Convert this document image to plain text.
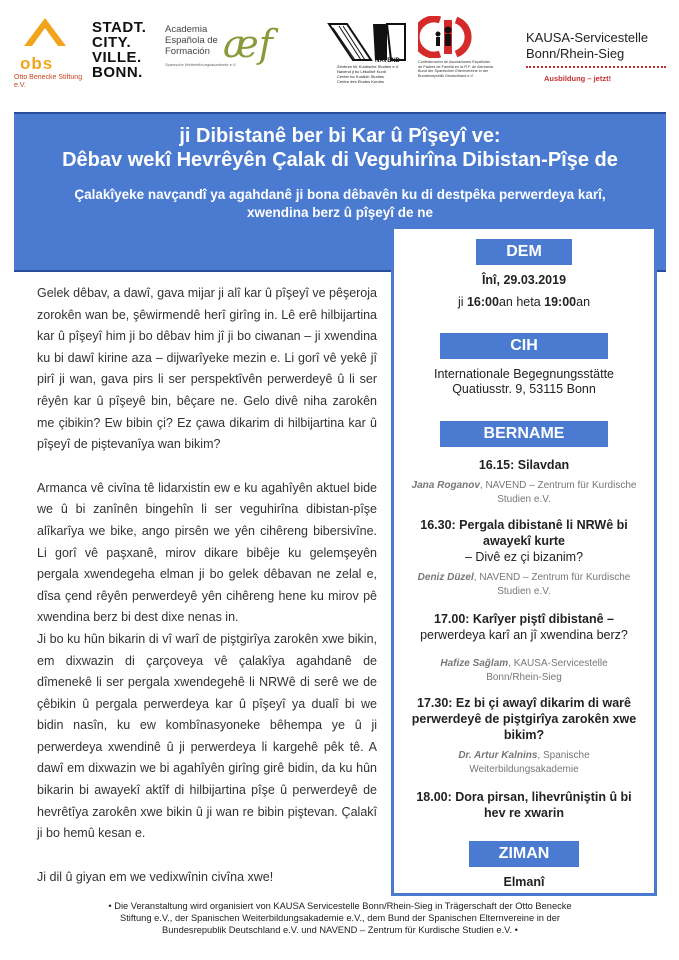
obs
Otto Benecke Stiftung e.V.
STADT.
CITY.
VILLE.
BONN.
Academia
Española de
Formación æf
Spanische Weiterbildungsakademie e.V.
NAVEND
Zentrum für Kurdische Studien e.V.
Navend ji bo Lêkolînê Kurdî
Center for Kurdish Studies
Centre des Etudes Kurdes
Confederación de Asociaciones Españolas
de Padres de Familia en la R.F. de Alemania
Bund der Spanischen Elternvereine in der
Bundesrepublik Deutschland e.V.
KAUSA-Servicestelle
Bonn/Rhein-Sieg
Ausbildung – jetzt!
ji Dibistanê ber bi Kar û Pîşeyî ve:
Dêbav wekî Hevrêyên Çalak di Veguhirîna Dibistan-Pîşe de
Çalakîyeke navçandî ya agahdanê ji bona dêbavên ku di destpêka perwerdeya karî,
xwendina berz û pîşeyî de ne

Gelek dêbav, a dawî, gava mijar ji alî kar û pîşeyî ve pêşeroja zorokên wan be, şêwirmendê herî girîng in. Lê erê hilbijartina kar û pîşeyî him ji bo dêbav him jî ji bo ciwanan – ji xwendina ku bi dawî kirine aza – dijwarîyeke mezin e. Li gorî vê yekê jî pirî ji wan, gava pirs li ser perspektîvên perwerdeyê û li ser rêyên kar û pîşeyê bin, bêçare ne. Gelo divê niha zarokên me çibikin? Ew bibin çi? Ez çawa dikarim di hilbijartina kar û pîşeyî de piştevanîya wan bikim?

Armanca vê civîna tê lidarxistin ew e ku agahîyên aktuel bide we û bi zanînên bingehîn li ser veguhirîna dibistan-pîşe alîkarîya we bike, ango pirsên we yên cihêreng bibersivîne. Li gorî vê paşxanê, mirov dikare bibêje ku gelemşeyên pergala xwendegeha elman ji bo gelek dêbavan ne zelal e, dîsa çend rêyên perwerdeyê yên cihêreng hene ku mirov pê xwendina berz bi dest dixe nenas in.

Ji bo ku hûn bikarin di vî warî de piştgirîya zarokên xwe bikin, em dixwazin di çarçoveya vê çalakîya agahdanê de dîmenekê li ser pergala xwendegehê li NRWê di serê we de çêbikin û pergala perwerdeya kar û pîşeyî ya dualî bi we bidin nasîn, ku ew kombînasyoneke bêhempa ye û ji perwerdeya xwendinê û ji perwerdeya li kargehê pêk tê. A dawî em dixwazin we bi agahîyên girîng girê bidin, da ku hûn bikarin bi awayekî aktîf di hilbijartina pîşe û perwerdeyê de hevrêtîya zarokên xwe bikin û ji wan re bibin piştevan. Çalakî ji bo hemû kesan e.

Ji dil û giyan em we vedixwînin civîna xwe!

DEM
Înî, 29.03.2019
ji 16:00an heta 19:00an
CIH
Internationale Begegnungsstätte
Quatiusstr. 9, 53115 Bonn
BERNAME
16.15: Silavdan
Jana Roganov, NAVEND – Zentrum für Kurdische
Studien e.V.
16.30: Pergala dibistanê li NRWê bi
awayekî kurte
– Divê ez çi bizanim?
Deniz Düzel, NAVEND – Zentrum für Kurdische
Studien e.V.
17.00: Karîyer piştî dibistanê –
perwerdeya karî an jî xwendina berz?
Hafize Sağlam, KAUSA-Servicestelle
Bonn/Rhein-Sieg
17.30: Ez bi çi awayî dikarim di warê
perwerdeyê de piştgirîya zarokên xwe
bikim?
Dr. Artur Kalnins, Spanische
Weiterbildungsakademie
18.00: Dora pirsan, lihevrûniştin û bi
hev re xwarin
ZIMAN
Elmanî
• Die Veranstaltung wird organisiert von KAUSA Servicestelle Bonn/Rhein-Sieg in Trägerschaft der Otto Benecke
Stiftung e.V., der Spanischen Weiterbildungsakademie e.V., dem Bund der Spanischen Elternvereine in der
Bundesrepublik Deutschland e.V. und NAVEND – Zentrum für Kurdische Studien e.V. •
